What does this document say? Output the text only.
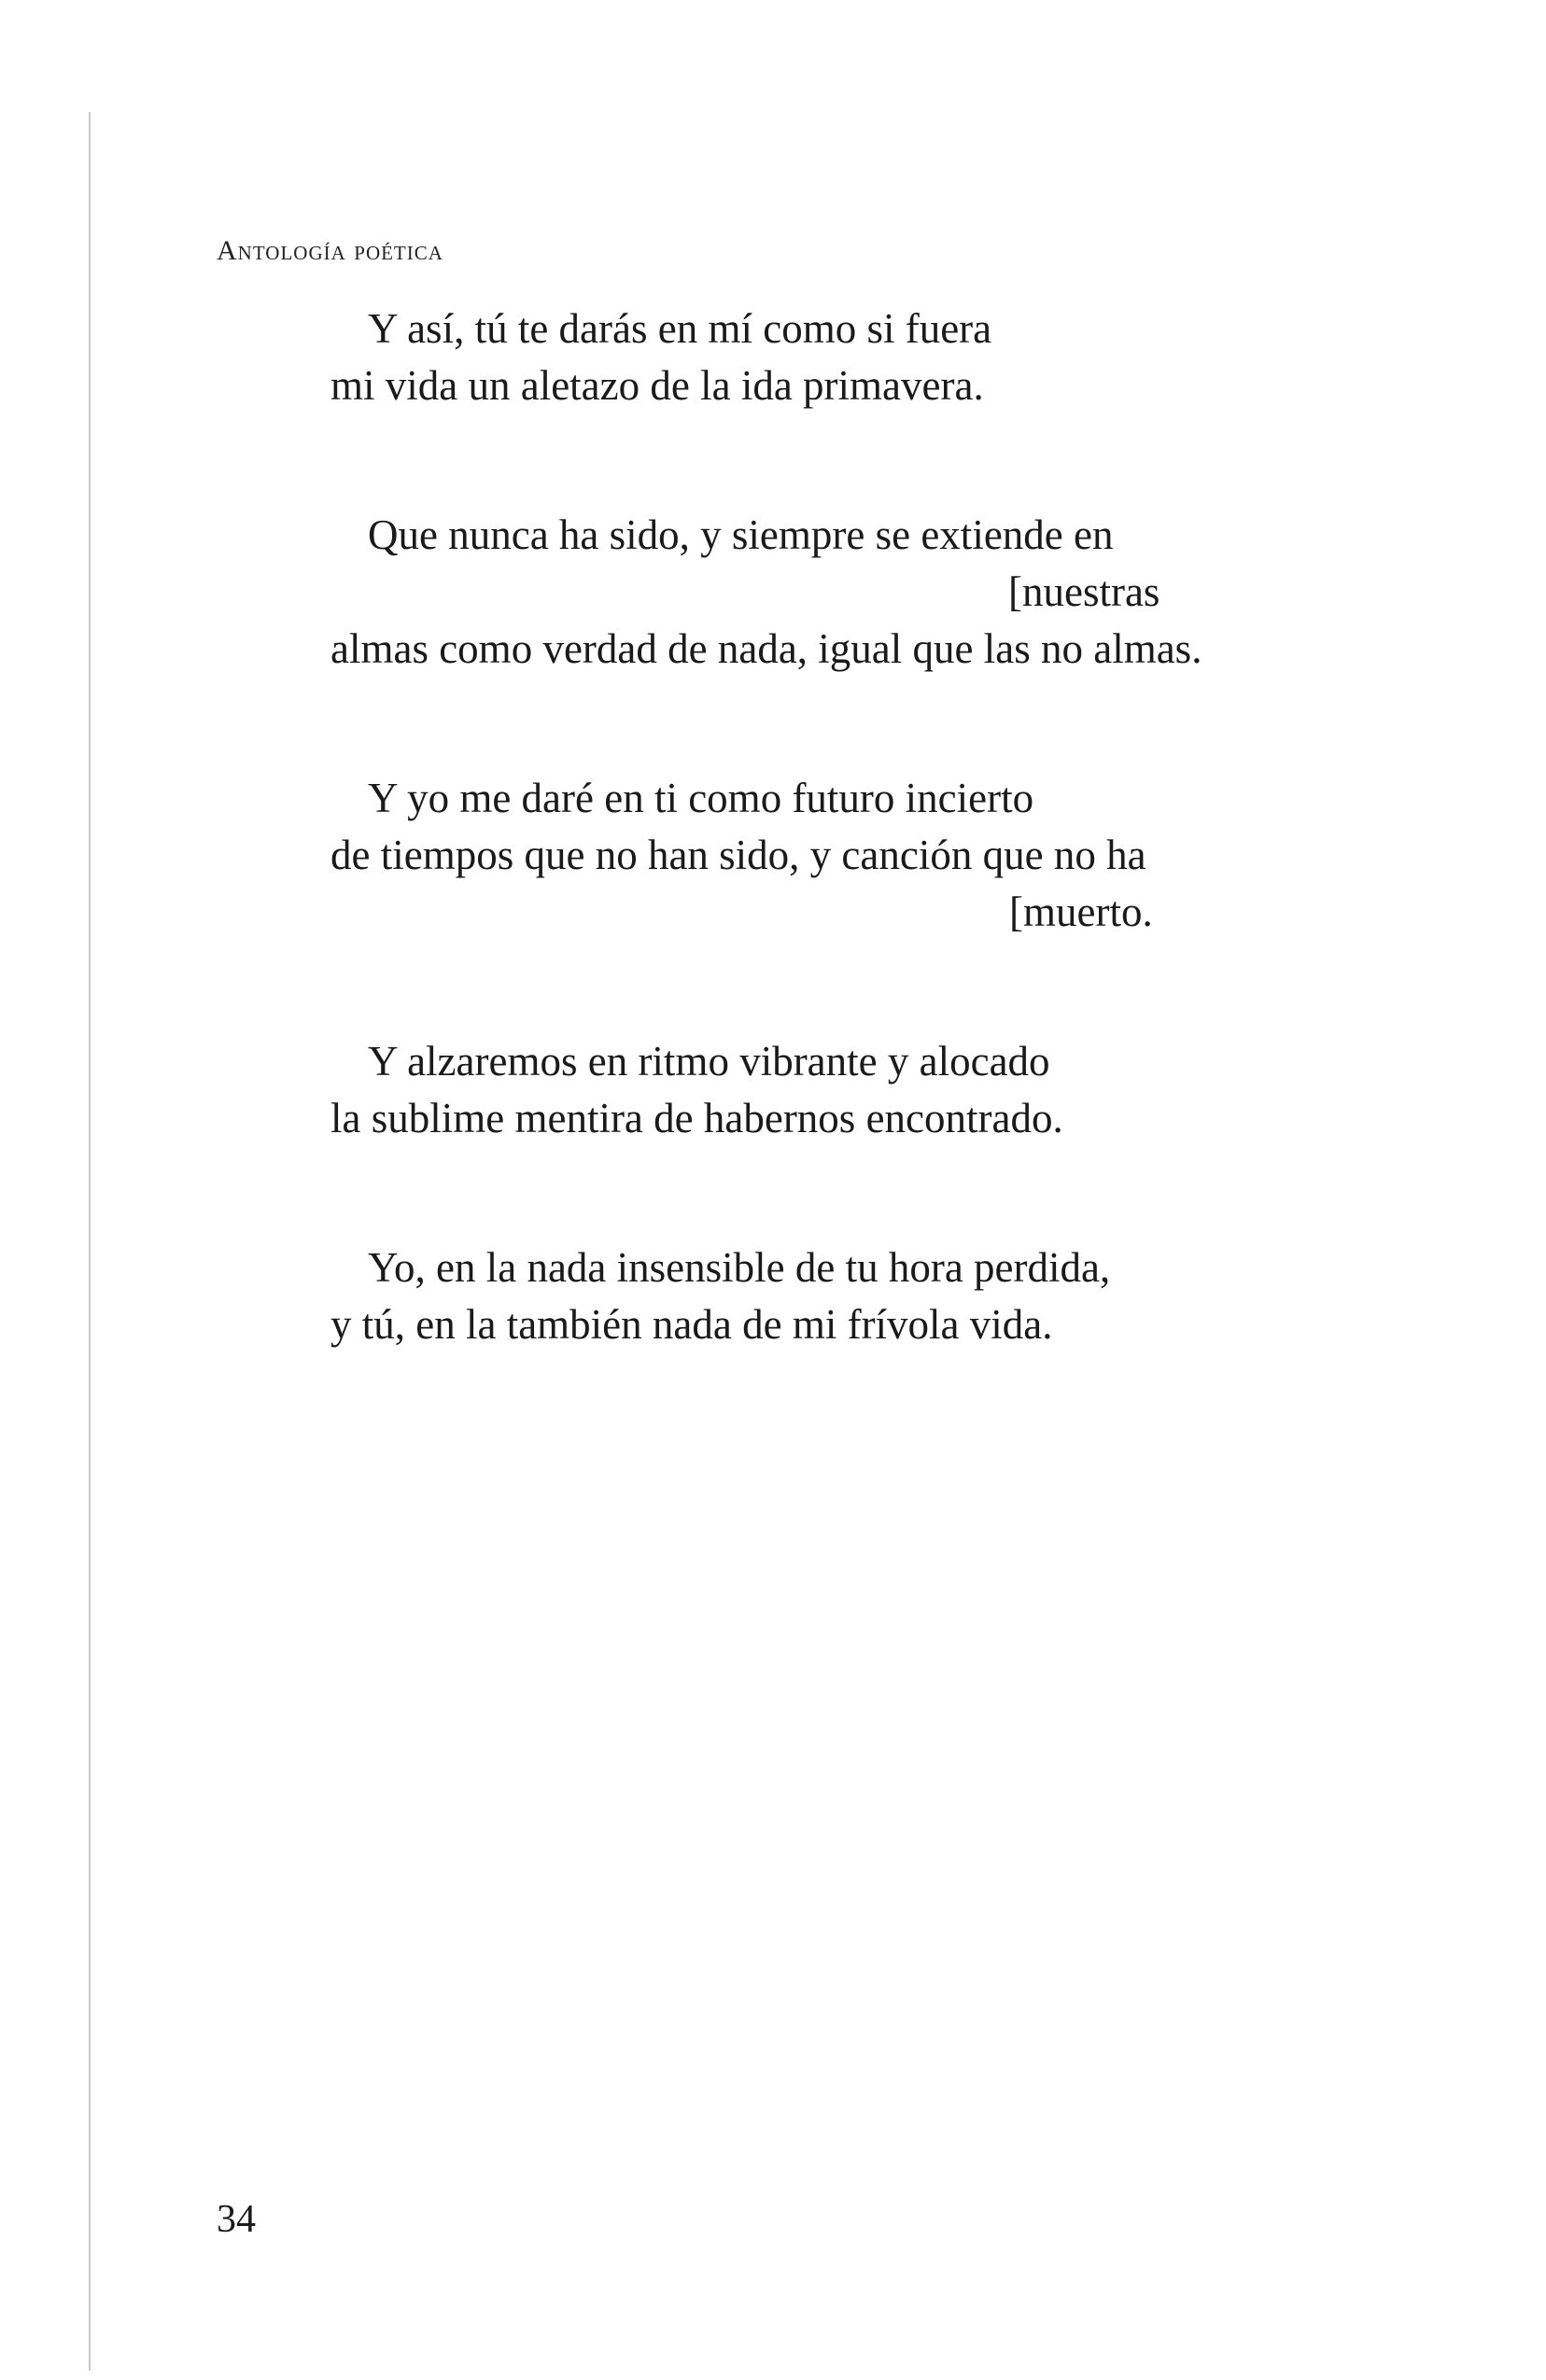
Antología poética
Y así, tú te darás en mí como si fuera
mi vida un aletazo de la ida primavera.
Que nunca ha sido, y siempre se extiende en
[nuestras
almas como verdad de nada, igual que las no almas.
Y yo me daré en ti como futuro incierto
de tiempos que no han sido, y canción que no ha
[muerto.
Y alzaremos en ritmo vibrante y alocado
la sublime mentira de habernos encontrado.
Yo, en la nada insensible de tu hora perdida,
y tú, en la también nada de mi frívola vida.
34
